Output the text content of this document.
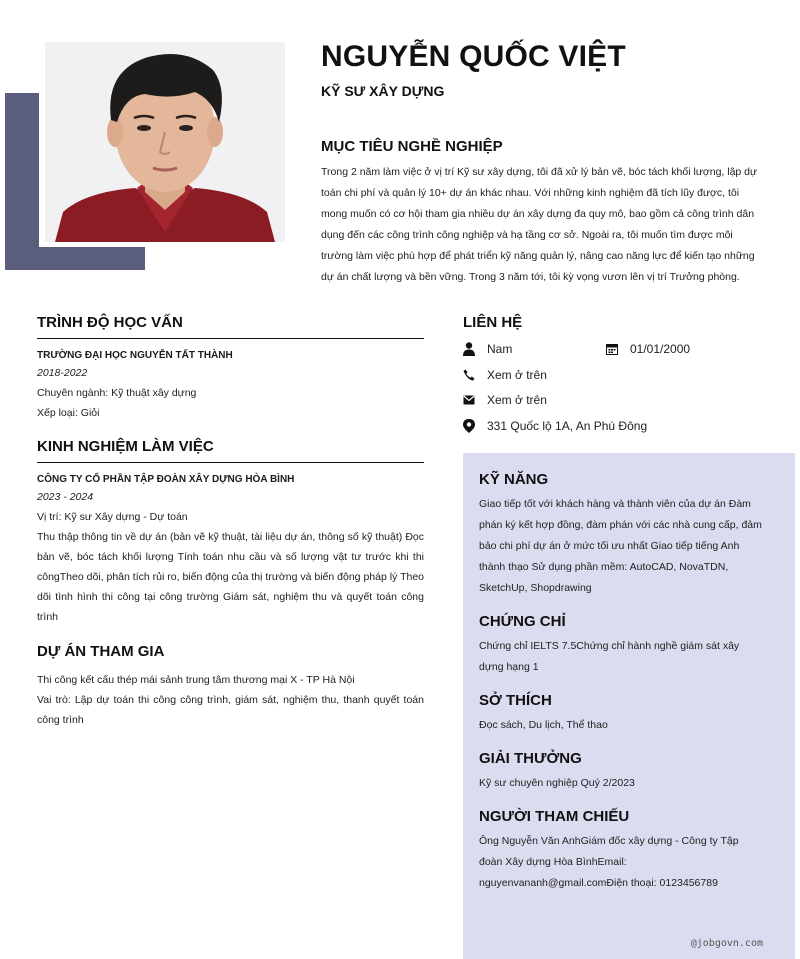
NGUYỄN QUỐC VIỆT
KỸ SƯ XÂY DỰNG
MỤC TIÊU NGHỀ NGHIỆP
Trong 2 năm làm việc ở vị trí Kỹ sư xây dựng, tôi đã xử lý bản vẽ, bóc tách khối lượng, lập dự toán chi phí và quản lý 10+ dự án khác nhau. Với những kinh nghiệm đã tích lũy được, tôi mong muốn có cơ hội tham gia nhiều dự án xây dựng đa quy mô, bao gồm cả công trình dân dụng đến các công trình công nghiệp và hạ tầng cơ sở. Ngoài ra, tôi muốn tìm được môi trường làm việc phù hợp để phát triển kỹ năng quản lý, nâng cao năng lực để kiến tạo những dự án chất lượng và bền vững. Trong 3 năm tới, tôi kỳ vọng vươn lên vị trí Trưởng phòng.
TRÌNH ĐỘ HỌC VẤN
TRƯỜNG ĐẠI HỌC NGUYỄN TẤT THÀNH
2018-2022
Chuyên ngành: Kỹ thuật xây dựng
Xếp loại: Giỏi
KINH NGHIỆM LÀM VIỆC
CÔNG TY CỔ PHẦN TẬP ĐOÀN XÂY DỰNG HÒA BÌNH
2023 - 2024
Vị trí: Kỹ sư Xây dựng - Dự toán
Thu thập thông tin về dự án (bản vẽ kỹ thuật, tài liệu dự án, thông số kỹ thuật) Đọc bản vẽ, bóc tách khối lượng Tính toán nhu cầu và số lượng vật tư trước khi thi côngTheo dõi, phân tích rủi ro, biến động của thị trường và biến động pháp lý Theo dõi tình hình thi công tại công trường Giám sát, nghiệm thu và quyết toán công trình
DỰ ÁN THAM GIA
Thi công kết cấu thép mái sảnh trung tâm thương mại X - TP Hà Nội
Vai trò: Lập dự toán thi công công trình, giám sát, nghiệm thu, thanh quyết toán công trình
LIÊN HỆ
Nam	01/01/2000
Xem ở trên
Xem ở trên
331 Quốc lộ 1A, An Phú Đông
KỸ NĂNG
Giao tiếp tốt với khách hàng và thành viên của dự án Đàm phán ký kết hợp đồng, đàm phán với các nhà cung cấp, đảm bảo chi phí dự án ở mức tối ưu nhất Giao tiếp tiếng Anh thành thạo Sử dụng phần mềm: AutoCAD, NovaTDN, SketchUp, Shopdrawing
CHỨNG CHỈ
Chứng chỉ IELTS 7.5Chứng chỉ hành nghề giám sát xây dựng hạng 1
SỞ THÍCH
Đọc sách, Du lịch, Thể thao
GIẢI THƯỞNG
Kỹ sư chuyên nghiệp Quý 2/2023
NGƯỜI THAM CHIẾU
Ông Nguyễn Văn AnhGiám đốc xây dựng - Công ty Tập đoàn Xây dựng Hòa BìnhEmail: nguyenvananh@gmail.comĐiện thoại: 0123456789
@jobgovn.com
